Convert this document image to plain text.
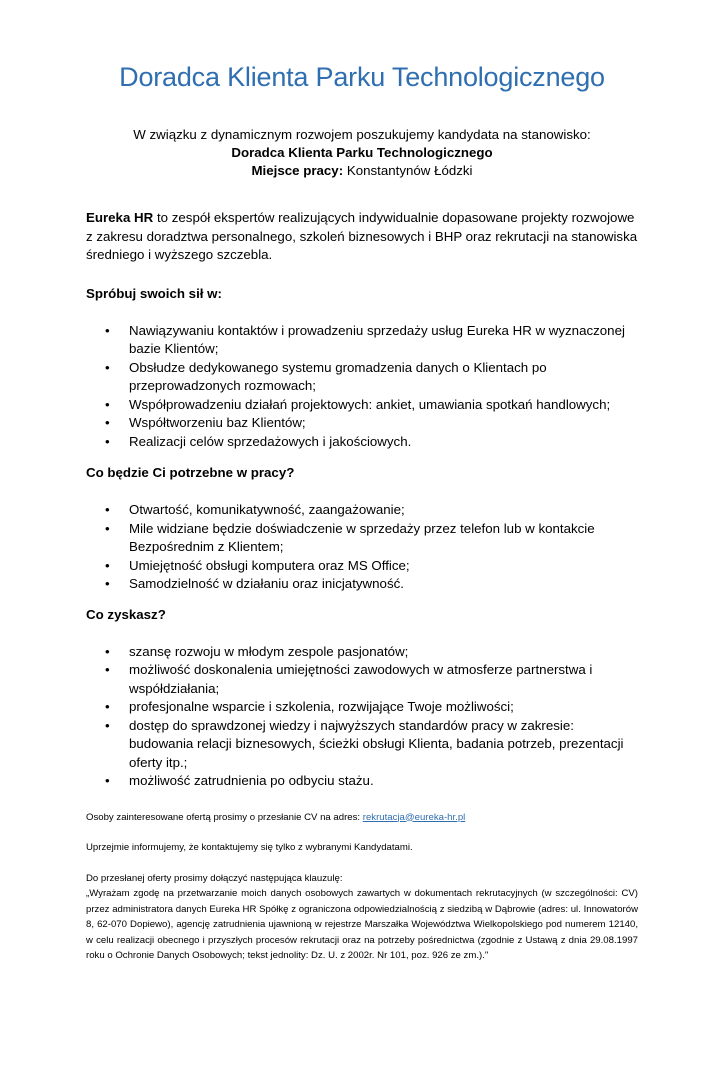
Doradca Klienta Parku Technologicznego
W związku z dynamicznym rozwojem poszukujemy kandydata na stanowisko:
Doradca Klienta Parku Technologicznego
Miejsce pracy: Konstantynów Łódzki

Eureka HR to zespół ekspertów realizujących indywidualnie dopasowane projekty rozwojowe z zakresu doradztwa personalnego, szkoleń biznesowych i BHP oraz rekrutacji na stanowiska średniego i wyższego szczebla.

Spróbuj swoich sił w:

• Nawiązywaniu kontaktów i prowadzeniu sprzedaży usług Eureka HR w wyznaczonej bazie Klientów;
• Obsłudze dedykowanego systemu gromadzenia danych o Klientach po przeprowadzonych rozmowach;
• Współprowadzeniu działań projektowych: ankiet, umawiania spotkań handlowych;
• Współtworzeniu baz Klientów;
• Realizacji celów sprzedażowych i jakościowych.

Co będzie Ci potrzebne w pracy?

• Otwartość, komunikatywność, zaangażowanie;
• Mile widziane będzie doświadczenie w sprzedaży przez telefon lub w kontakcie Bezpośrednim z Klientem;
• Umiejętność obsługi komputera oraz MS Office;
• Samodzielność w działaniu oraz inicjatywność.

Co zyskasz?

• szansę rozwoju w młodym zespole pasjonatów;
• możliwość doskonalenia umiejętności zawodowych w atmosferze partnerstwa i współdziałania;
• profesjonalne wsparcie i szkolenia, rozwijające Twoje możliwości;
• dostęp do sprawdzonej wiedzy i najwyższych standardów pracy w zakresie: budowania relacji biznesowych, ścieżki obsługi Klienta, badania potrzeb, prezentacji oferty itp.;
• możliwość zatrudnienia po odbyciu stażu.
Osoby zainteresowane ofertą prosimy o przesłanie CV na adres: rekrutacja@eureka-hr.pl
Uprzejmie informujemy, że kontaktujemy się tylko z wybranymi Kandydatami.
Do przesłanej oferty prosimy dołączyć następująca klauzulę:
„Wyrażam zgodę na przetwarzanie moich danych osobowych zawartych w dokumentach rekrutacyjnych (w szczególności: CV) przez administratora danych Eureka HR Spółkę z ograniczona odpowiedzialnością z siedzibą w Dąbrowie (adres: ul. Innowatorów 8, 62-070 Dopiewo), agencję zatrudnienia ujawnioną w rejestrze Marszałka Województwa Wielkopolskiego pod numerem 12140, w celu realizacji obecnego i przyszłych procesów rekrutacji oraz na potrzeby pośrednictwa (zgodnie z Ustawą z dnia 29.08.1997 roku o Ochronie Danych Osobowych; tekst jednolity: Dz. U. z 2002r. Nr 101, poz. 926 ze zm.)."
